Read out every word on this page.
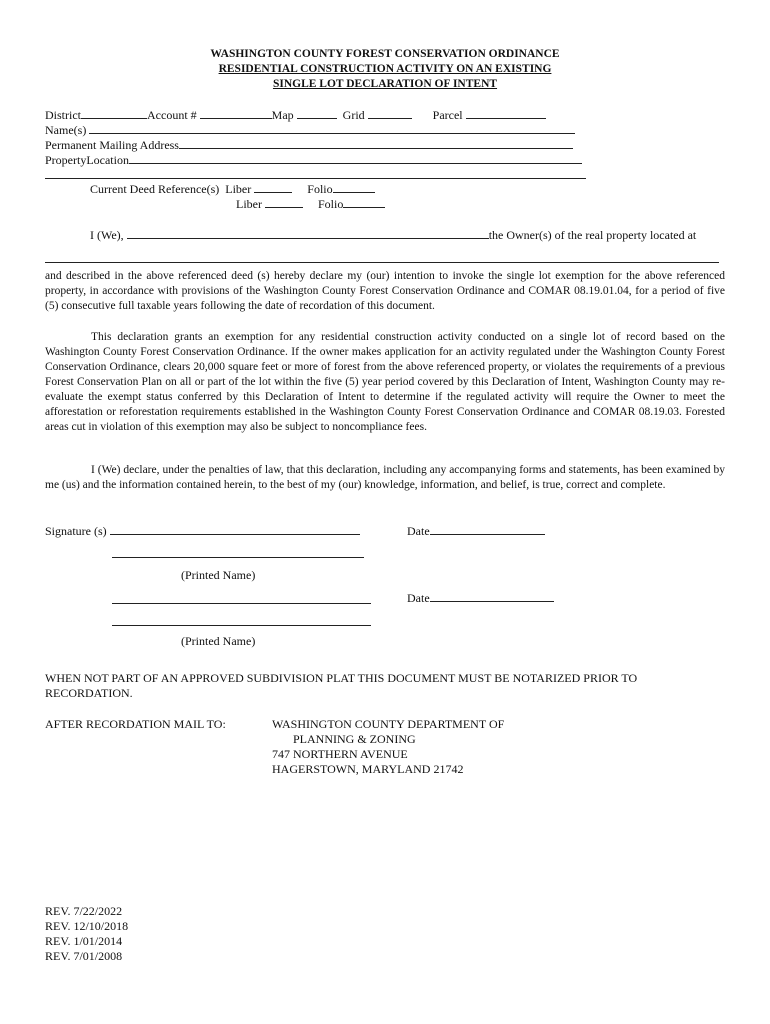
WASHINGTON COUNTY FOREST CONSERVATION ORDINANCE
RESIDENTIAL CONSTRUCTION ACTIVITY ON AN EXISTING
SINGLE LOT DECLARATION OF INTENT
District	Account #	Map	Grid	Parcel
Name(s)
Permanent Mailing Address
PropertyLocation
Current Deed Reference(s) Liber	Folio
Liber	Folio
I (We),	the Owner(s) of the real property located at
and described in the above referenced deed (s) hereby declare my (our) intention to invoke the single lot exemption for the above referenced property, in accordance with provisions of the Washington County Forest Conservation Ordinance and COMAR 08.19.01.04, for a period of five (5) consecutive full taxable years following the date of recordation of this document.
This declaration grants an exemption for any residential construction activity conducted on a single lot of record based on the Washington County Forest Conservation Ordinance. If the owner makes application for an activity regulated under the Washington County Forest Conservation Ordinance, clears 20,000 square feet or more of forest from the above referenced property, or violates the requirements of a previous Forest Conservation Plan on all or part of the lot within the five (5) year period covered by this Declaration of Intent, Washington County may re-evaluate the exempt status conferred by this Declaration of Intent to determine if the regulated activity will require the Owner to meet the afforestation or reforestation requirements established in the Washington County Forest Conservation Ordinance and COMAR 08.19.03. Forested areas cut in violation of this exemption may also be subject to noncompliance fees.
I (We) declare, under the penalties of law, that this declaration, including any accompanying forms and statements, has been examined by me (us) and the information contained herein, to the best of my (our) knowledge, information, and belief, is true, correct and complete.
Signature (s)	Date
(Printed Name)
Date
(Printed Name)
WHEN NOT PART OF AN APPROVED SUBDIVISION PLAT THIS DOCUMENT MUST BE NOTARIZED PRIOR TO RECORDATION.
AFTER RECORDATION MAIL TO:	WASHINGTON COUNTY DEPARTMENT OF
PLANNING & ZONING
747 NORTHERN AVENUE
HAGERSTOWN, MARYLAND 21742
REV. 7/22/2022
REV. 12/10/2018
REV. 1/01/2014
REV. 7/01/2008
